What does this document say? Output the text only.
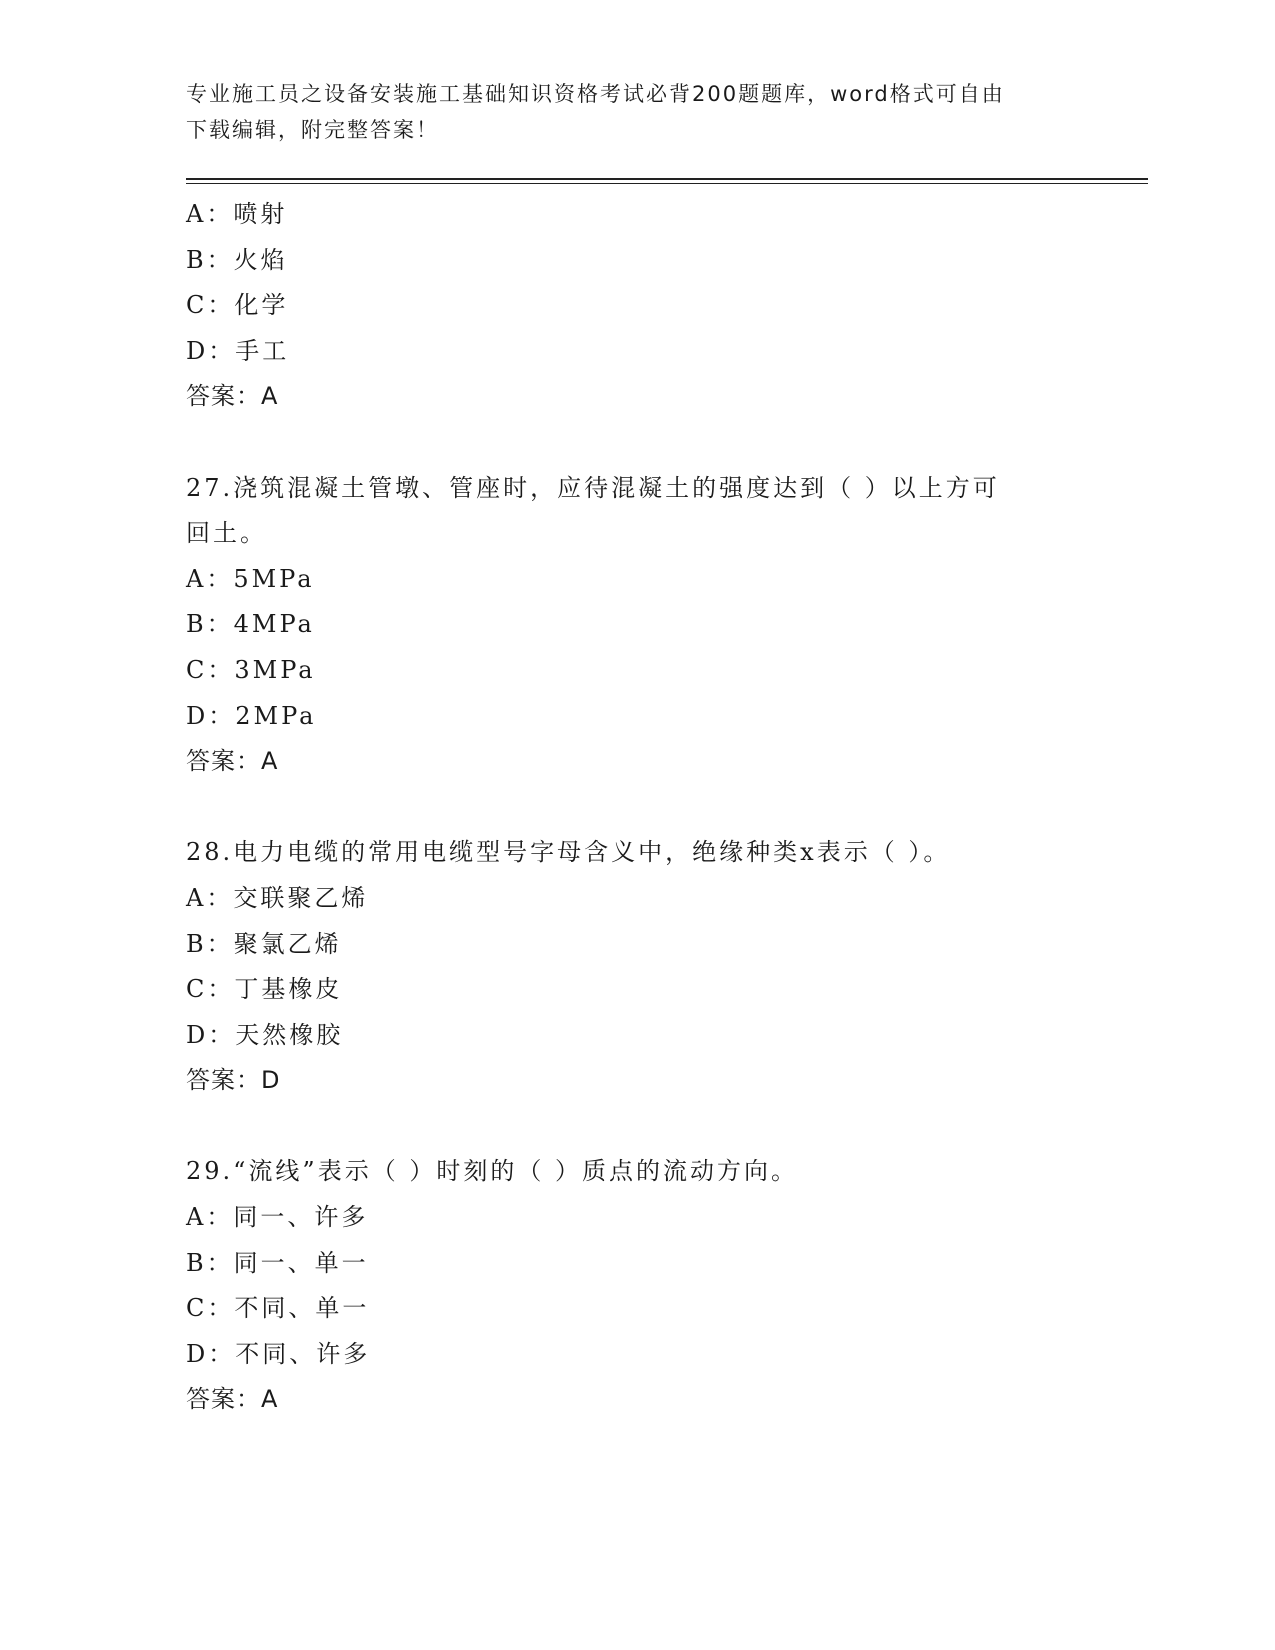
专业施工员之设备安装施工基础知识资格考试必背200题题库，word格式可自由
下载编辑，附完整答案！
A：喷射
B：火焰
C：化学
D：手工
答案：A
27.浇筑混凝土管墩、管座时，应待混凝土的强度达到（ ）以上方可
回土。
A：5MPa
B：4MPa
C：3MPa
D：2MPa
答案：A
28.电力电缆的常用电缆型号字母含义中，绝缘种类x表示（ ）。
A：交联聚乙烯
B：聚氯乙烯
C：丁基橡皮
D：天然橡胶
答案：D
29.“流线”表示（ ）时刻的（ ）质点的流动方向。
A：同一、许多
B：同一、单一
C：不同、单一
D：不同、许多
答案：A
